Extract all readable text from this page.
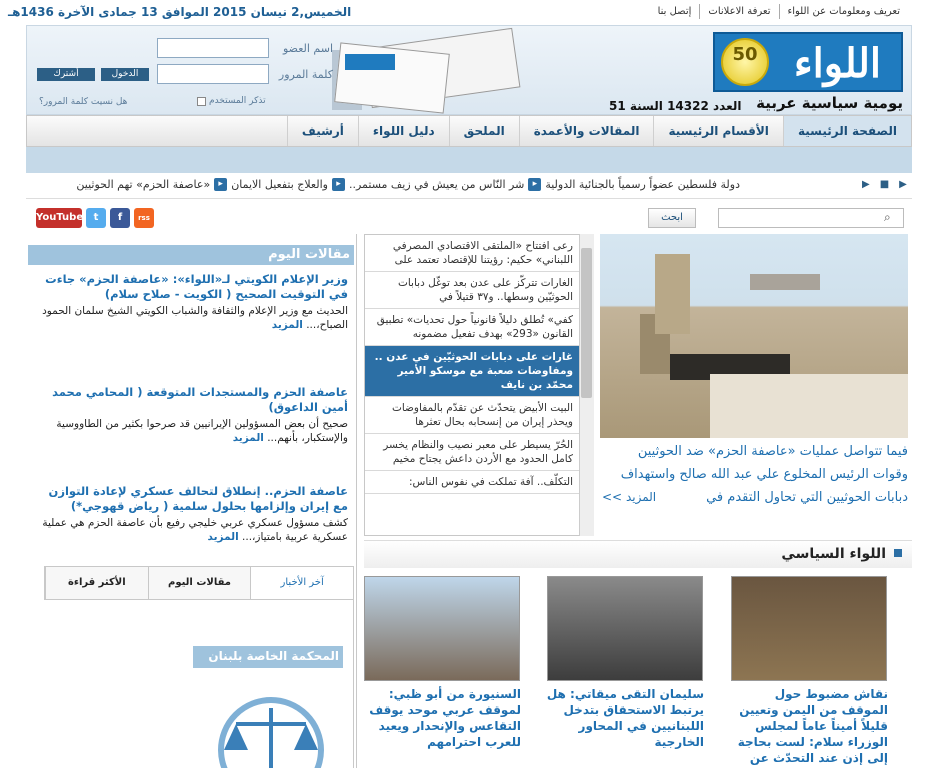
الخميس,2 نيسان 2015 الموافق 13 جمادى الآخرة 1436هـ	تعريف ومعلومات عن اللواء
تعرفة الاعلانات
إتصل بنا
50 اللواء
يومية سياسية عربية
العدد 14322 السنة 51
اسم العضو
كلمة المرور
الدخول
أشترك
تذكر المستخدم
هل نسيت كلمة المرور؟
الصفحة الرئيسية
الأقسام الرئيسية
المقالات والأعمدة
الملحق
دليل اللواء
أرشيف
دولة فلسطين عضواً رسمياً بالجنائية الدولية
▸
شر النّاس من يعيش في زيف مستمر..
▸
والعلاج بتفعيل الايمان
▸
«عاصفة الحزم» تهم الحوثيين	▶ ■ ▶
YouTube	t	f	rss	ابحث	⌕
فيما تتواصل عمليات «عاصفة الحزم» ضد الحوثيين وقوات الرئيس المخلوع علي عبد الله صالح واستهداف دبابات الحوثيين التي تحاول التقدم في
<< المزيد
رعى افتتاح «الملتقى الاقتصادي المصرفي اللبناني» حكيم: رؤيتنا للإقتصاد تعتمد على
الغارات تتركّز على عدن بعد توغّل دبابات الحوثيّين وسطها.. و٣٧ قتيلاً في
كفي» تُطلق دليلاً قانونياً حول تحديات» تطبيق القانون «293» بهدف تفعيل مضمونه
غارات على دبابات الحوثيّين في عدن .. ومفاوضات صعبة مع موسكو الأمير محمّد بن نايف
البيت الأبيض يتحدّث عن تقدّم بالمفاوضات ويحذر إيران من إنسحابه بحال تعثرها
الحُرّ يسيطر على معبر نصيب والنظام يخسر كامل الحدود مع الأردن داعش يجتاح مخيم
التكلّف.. آفة تملكت في نفوس الناس:
اللواء السياسي
نقاش مضبوط حول الموقف من اليمن وتعيين قليلاً أميناً عاماً لمجلس الوزراء سلام: لست بحاجة إلى إذن عند التحدّث عن
سليمان التقى ميقاتي: هل يرتبط الاستحقاق بتدخل اللبنانيين في المحاور الخارجية
السنيورة من أبو ظبي: لموقف عربي موحد يوقف التقاعس والإنحدار ويعيد للعرب احترامهم
مقالات اليوم
وزير الإعلام الكويتي لـ«اللواء»: «عاصفة الحزم» جاءت في التوقيت الصحيح ( الكويت - صلاح سلام)
الحديث مع وزير الإعلام والثقافة والشباب الكويتي الشيخ سلمان الحمود الصباح،... المزيد
عاصفة الحزم والمستجدات المتوقعة ( المحامي محمد أمين الداعوق)
صحيح أن بعض المسؤولين الإيرانيين قد صرحوا بكثير من الطاووسية والإستكبار، بأنهم... المزيد
عاصفة الحزم.. إنطلاق لتحالف عسكري لإعادة التوازن مع إيران وإلزامها بحلول سلمية ( رياض قهوجي*)
كشف مسؤول عسكري عربي خليجي رفيع بأن عاصفة الحزم هي عملية عسكرية عربية بامتياز،... المزيد
آخر الأخبار
مقالات اليوم
الأكثر قراءة
المحكمة الخاصة بلبنان
